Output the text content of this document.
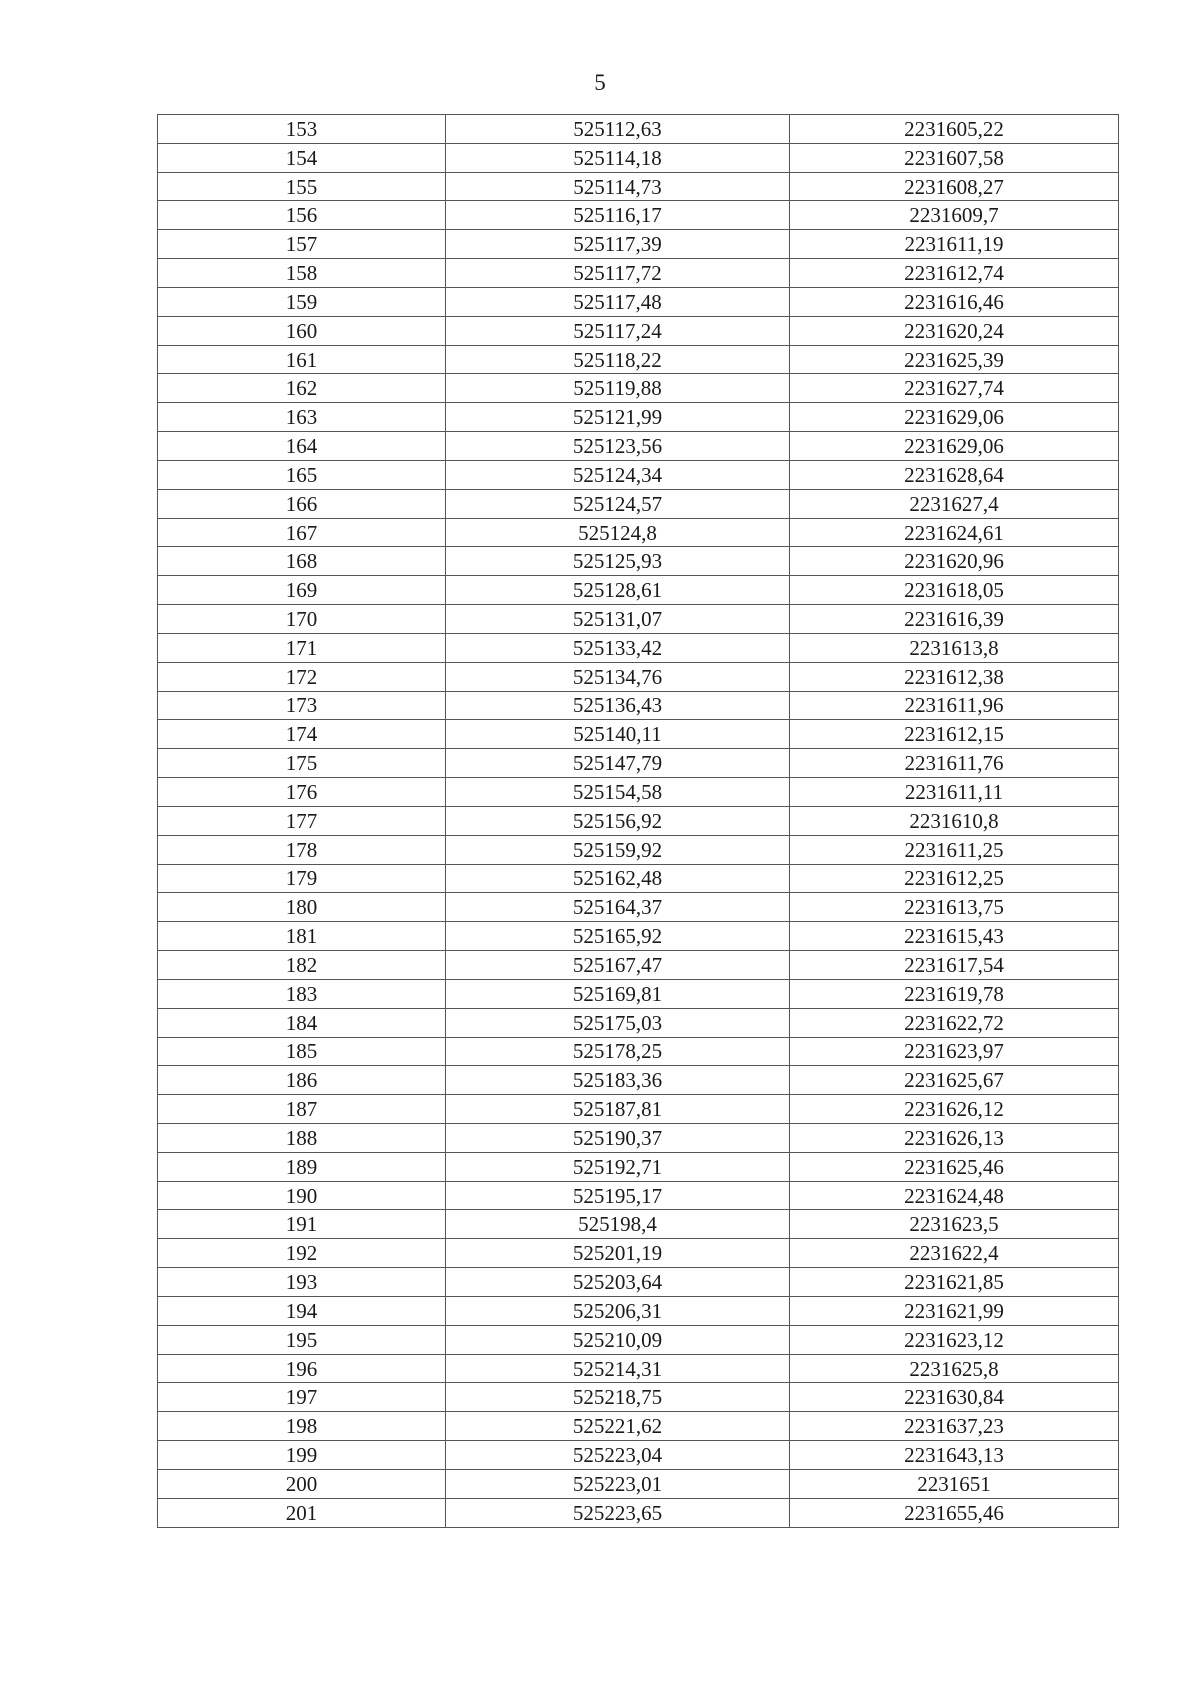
5
153	525112,63	2231605,22
154	525114,18	2231607,58
155	525114,73	2231608,27
156	525116,17	2231609,7
157	525117,39	2231611,19
158	525117,72	2231612,74
159	525117,48	2231616,46
160	525117,24	2231620,24
161	525118,22	2231625,39
162	525119,88	2231627,74
163	525121,99	2231629,06
164	525123,56	2231629,06
165	525124,34	2231628,64
166	525124,57	2231627,4
167	525124,8	2231624,61
168	525125,93	2231620,96
169	525128,61	2231618,05
170	525131,07	2231616,39
171	525133,42	2231613,8
172	525134,76	2231612,38
173	525136,43	2231611,96
174	525140,11	2231612,15
175	525147,79	2231611,76
176	525154,58	2231611,11
177	525156,92	2231610,8
178	525159,92	2231611,25
179	525162,48	2231612,25
180	525164,37	2231613,75
181	525165,92	2231615,43
182	525167,47	2231617,54
183	525169,81	2231619,78
184	525175,03	2231622,72
185	525178,25	2231623,97
186	525183,36	2231625,67
187	525187,81	2231626,12
188	525190,37	2231626,13
189	525192,71	2231625,46
190	525195,17	2231624,48
191	525198,4	2231623,5
192	525201,19	2231622,4
193	525203,64	2231621,85
194	525206,31	2231621,99
195	525210,09	2231623,12
196	525214,31	2231625,8
197	525218,75	2231630,84
198	525221,62	2231637,23
199	525223,04	2231643,13
200	525223,01	2231651
201	525223,65	2231655,46
